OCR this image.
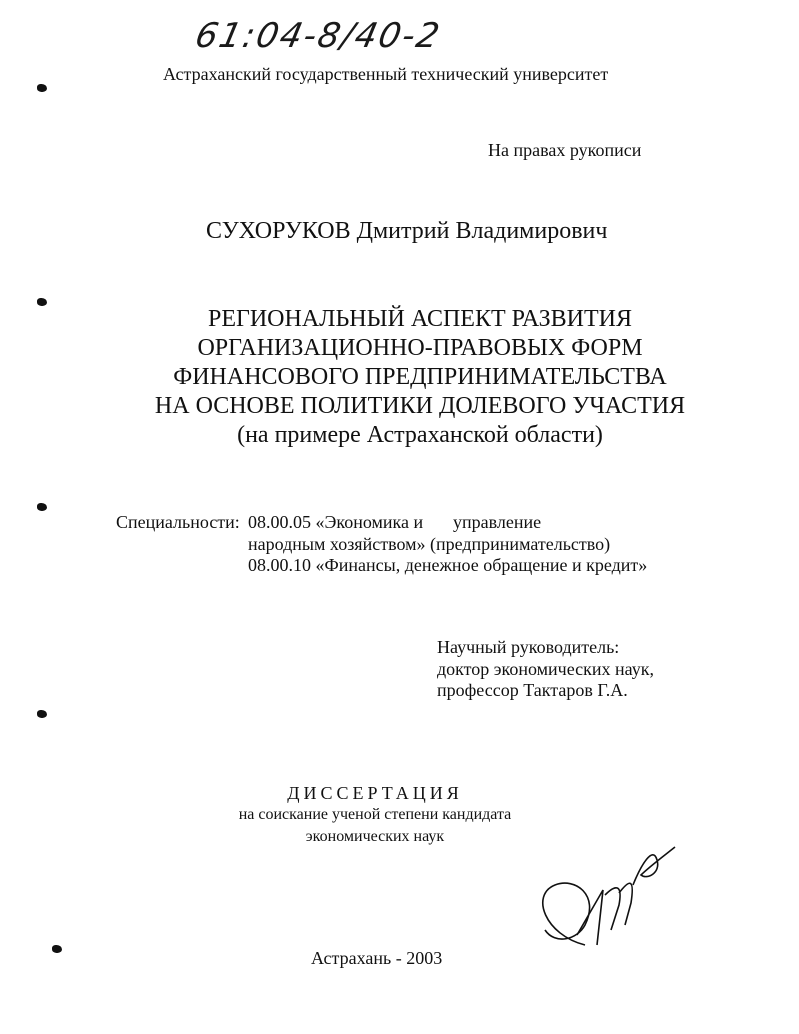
61:04-8/40-2
Астраханский государственный технический университет
На правах рукописи
СУХОРУКОВ Дмитрий Владимирович
РЕГИОНАЛЬНЫЙ АСПЕКТ РАЗВИТИЯ
ОРГАНИЗАЦИОННО-ПРАВОВЫХ ФОРМ
ФИНАНСОВОГО ПРЕДПРИНИМАТЕЛЬСТВА
НА ОСНОВЕ ПОЛИТИКИ ДОЛЕВОГО УЧАСТИЯ
(на примере Астраханской области)
Специальности: 08.00.05 «Экономика и управление
народным хозяйством» (предпринимательство)
08.00.10 «Финансы, денежное обращение и кредит»
Научный руководитель:
доктор экономических наук,
профессор Тактаров Г.А.
ДИССЕРТАЦИЯ
на соискание ученой степени кандидата
экономических наук
Астрахань - 2003
